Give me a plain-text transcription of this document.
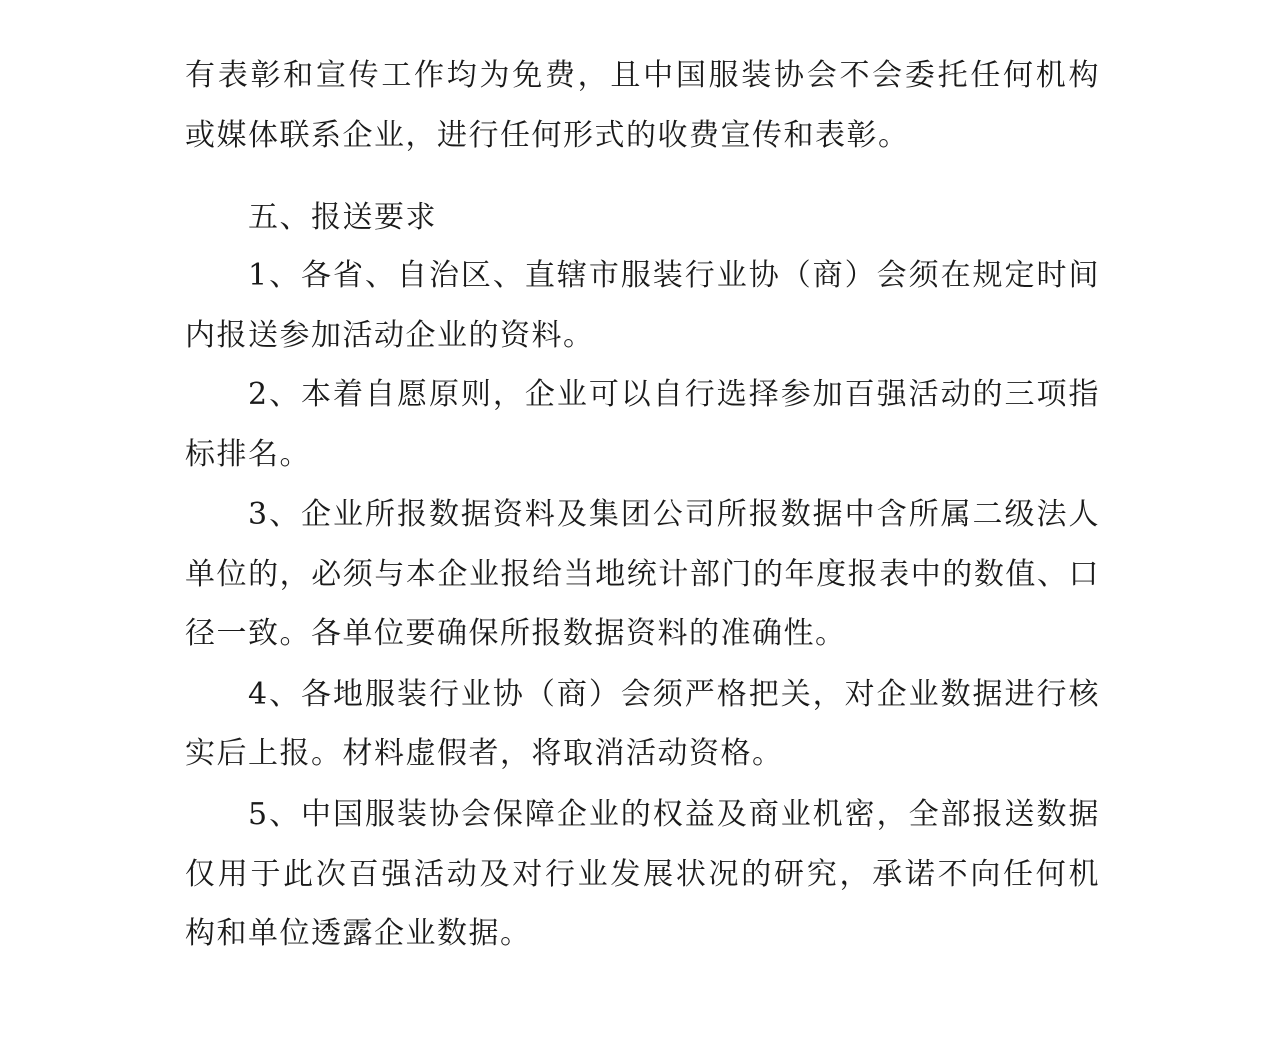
有表彰和宣传工作均为免费，且中国服装协会不会委托任何机构
或媒体联系企业，进行任何形式的收费宣传和表彰。
五、报送要求
1、各省、自治区、直辖市服装行业协（商）会须在规定时间
内报送参加活动企业的资料。
2、本着自愿原则，企业可以自行选择参加百强活动的三项指
标排名。
3、企业所报数据资料及集团公司所报数据中含所属二级法人
单位的，必须与本企业报给当地统计部门的年度报表中的数值、口
径一致。各单位要确保所报数据资料的准确性。
4、各地服装行业协（商）会须严格把关，对企业数据进行核
实后上报。材料虚假者，将取消活动资格。
5、中国服装协会保障企业的权益及商业机密，全部报送数据
仅用于此次百强活动及对行业发展状况的研究，承诺不向任何机
构和单位透露企业数据。
